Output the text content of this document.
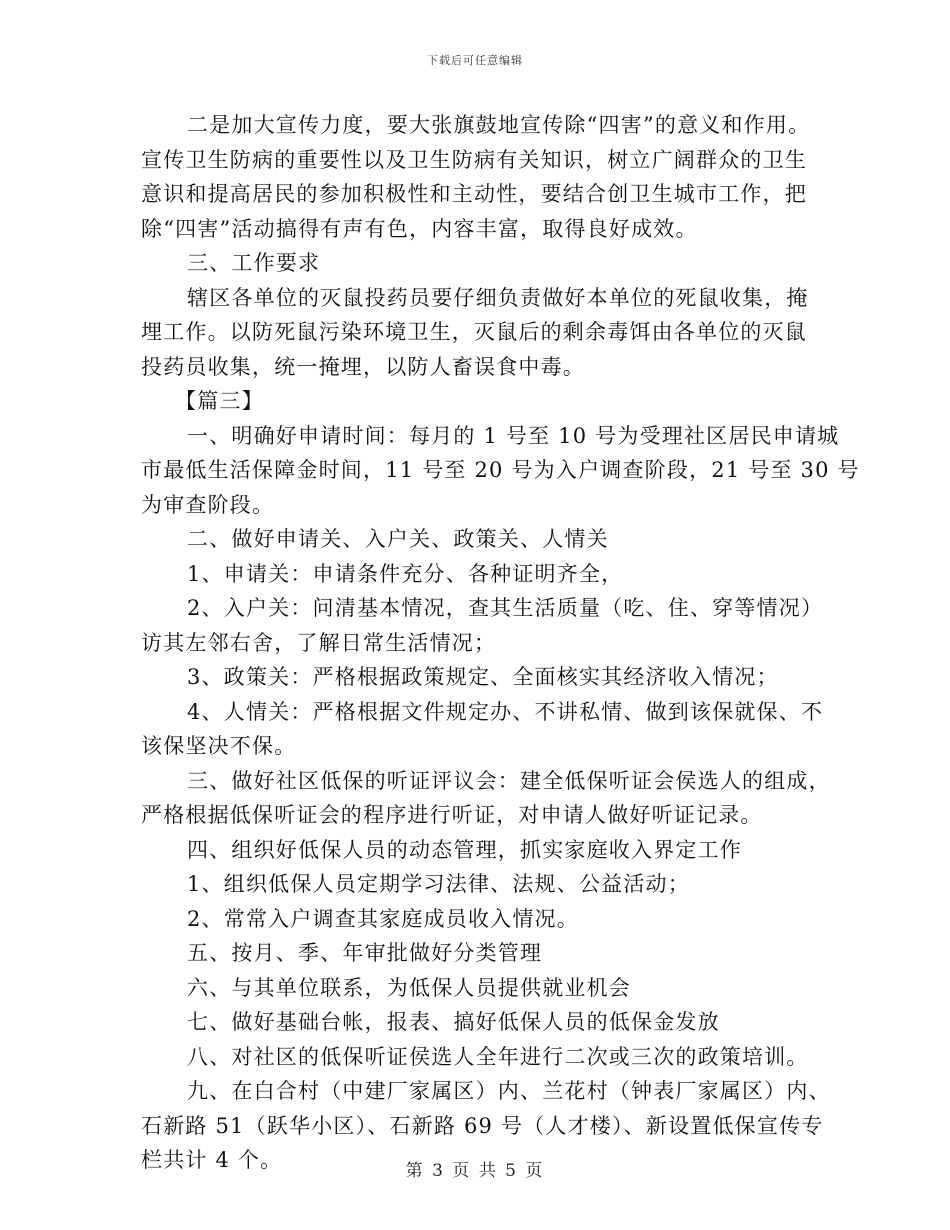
下载后可任意编辑

二是加大宣传力度，要大张旗鼓地宣传除“四害”的意义和作用。

宣传卫生防病的重要性以及卫生防病有关知识，树立广阔群众的卫生

意识和提高居民的参加积极性和主动性，要结合创卫生城市工作，把

除“四害”活动搞得有声有色，内容丰富，取得良好成效。

三、工作要求

辖区各单位的灭鼠投药员要仔细负责做好本单位的死鼠收集，掩

埋工作。以防死鼠污染环境卫生，灭鼠后的剩余毒饵由各单位的灭鼠

投药员收集，统一掩埋，以防人畜误食中毒。

【篇三】

一、明确好申请时间：每月的 1 号至 10 号为受理社区居民申请城

市最低生活保障金时间，11 号至 20 号为入户调查阶段，21 号至 30 号

为审查阶段。

二、做好申请关、入户关、政策关、人情关

1、申请关：申请条件充分、各种证明齐全，

2、入户关：问清基本情况，查其生活质量（吃、住、穿等情况）

访其左邻右舍，了解日常生活情况；

3、政策关：严格根据政策规定、全面核实其经济收入情况；

4、人情关：严格根据文件规定办、不讲私情、做到该保就保、不

该保坚决不保。

三、做好社区低保的听证评议会：建全低保听证会侯选人的组成，

严格根据低保听证会的程序进行听证，对申请人做好听证记录。

四、组织好低保人员的动态管理，抓实家庭收入界定工作

1、组织低保人员定期学习法律、法规、公益活动；

2、常常入户调查其家庭成员收入情况。

五、按月、季、年审批做好分类管理

六、与其单位联系，为低保人员提供就业机会

七、做好基础台帐，报表、搞好低保人员的低保金发放

八、对社区的低保听证侯选人全年进行二次或三次的政策培训。

九、在白合村（中建厂家属区）内、兰花村（钟表厂家属区）内、

石新路 51（跃华小区）、石新路 69 号（人才楼）、新设置低保宣传专

栏共计 4 个。	第 3 页 共 5 页
